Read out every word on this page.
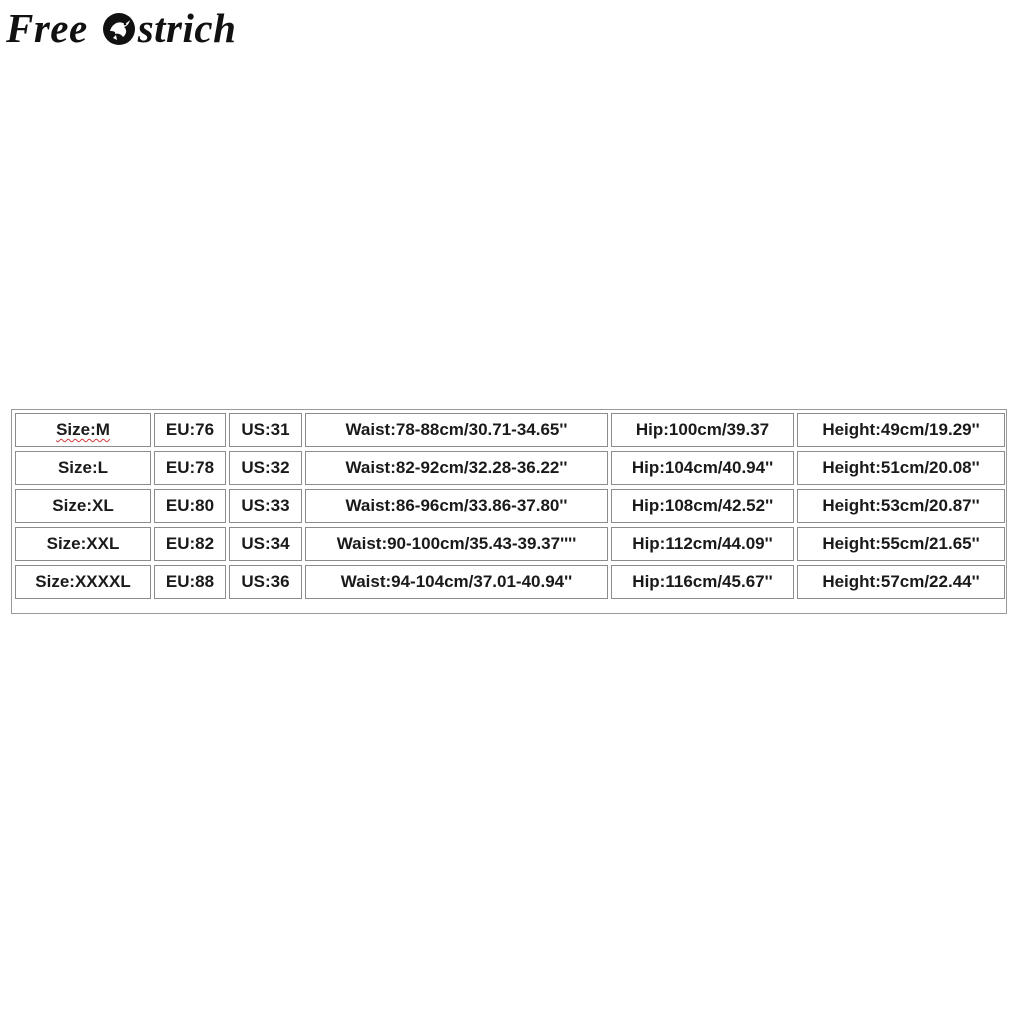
Free strich
Size:M	EU:76	US:31	Waist:78-88cm/30.71-34.65''	Hip:100cm/39.37	Height:49cm/19.29''
Size:L	EU:78	US:32	Waist:82-92cm/32.28-36.22''	Hip:104cm/40.94''	Height:51cm/20.08''
Size:XL	EU:80	US:33	Waist:86-96cm/33.86-37.80''	Hip:108cm/42.52''	Height:53cm/20.87''
Size:XXL	EU:82	US:34	Waist:90-100cm/35.43-39.37''''	Hip:112cm/44.09''	Height:55cm/21.65''
Size:XXXXL	EU:88	US:36	Waist:94-104cm/37.01-40.94''	Hip:116cm/45.67''	Height:57cm/22.44''
